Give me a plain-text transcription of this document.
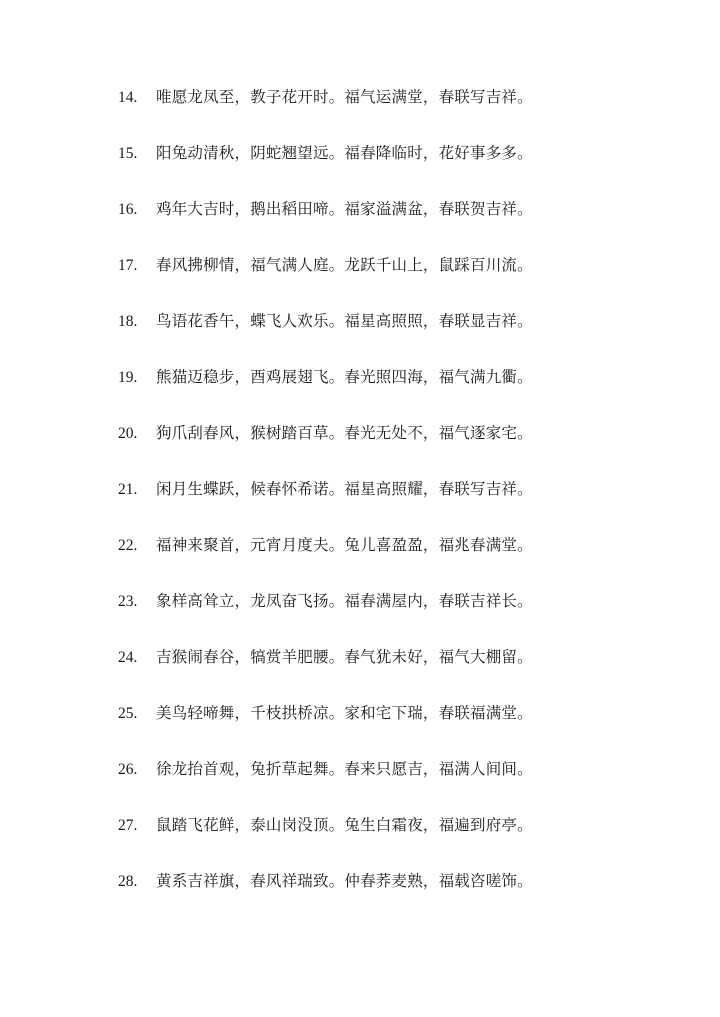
14.	唯愿龙凤至，教子花开时。福气运满堂，春联写吉祥。
15.	阳兔动清秋，阴蛇翘望远。福春降临时，花好事多多。
16.	鸡年大吉时，鹅出稻田啼。福家溢满盆，春联贺吉祥。
17.	春风拂柳情，福气满人庭。龙跃千山上，鼠踩百川流。
18.	鸟语花香午，蝶飞人欢乐。福星高照照，春联显吉祥。
19.	熊猫迈稳步，酉鸡展翅飞。春光照四海，福气满九衢。
20.	狗爪刮春风，猴树踏百草。春光无处不，福气逐家宅。
21.	闲月生蝶跃，候春怀希诺。福星高照耀，春联写吉祥。
22.	福神来聚首，元宵月度夫。兔儿喜盈盈，福兆春满堂。
23.	象样高耸立，龙凤奋飞扬。福春满屋内，春联吉祥长。
24.	吉猴闹春谷，犒赏羊肥腰。春气犹未好，福气大棚留。
25.	美鸟轻啼舞，千枝拱桥凉。家和宅下瑞，春联福满堂。
26.	徐龙抬首观，兔折草起舞。春来只愿吉，福满人间间。
27.	鼠踏飞花鲜，泰山岗没顶。兔生白霜夜，福遍到府亭。
28.	黄系吉祥旗，春风祥瑞致。仲春荞麦熟，福载咨嗟饰。
